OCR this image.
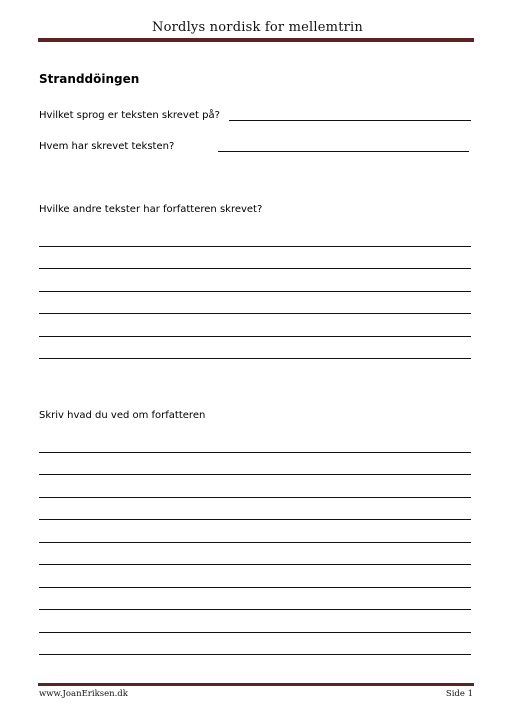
Nordlys nordisk for mellemtrin
Stranddöingen
Hvilket sprog er teksten skrevet på?
Hvem har skrevet teksten?
Hvilke andre tekster har forfatteren skrevet?
Skriv hvad du ved om forfatteren
www.JoanEriksen.dk	Side 1
